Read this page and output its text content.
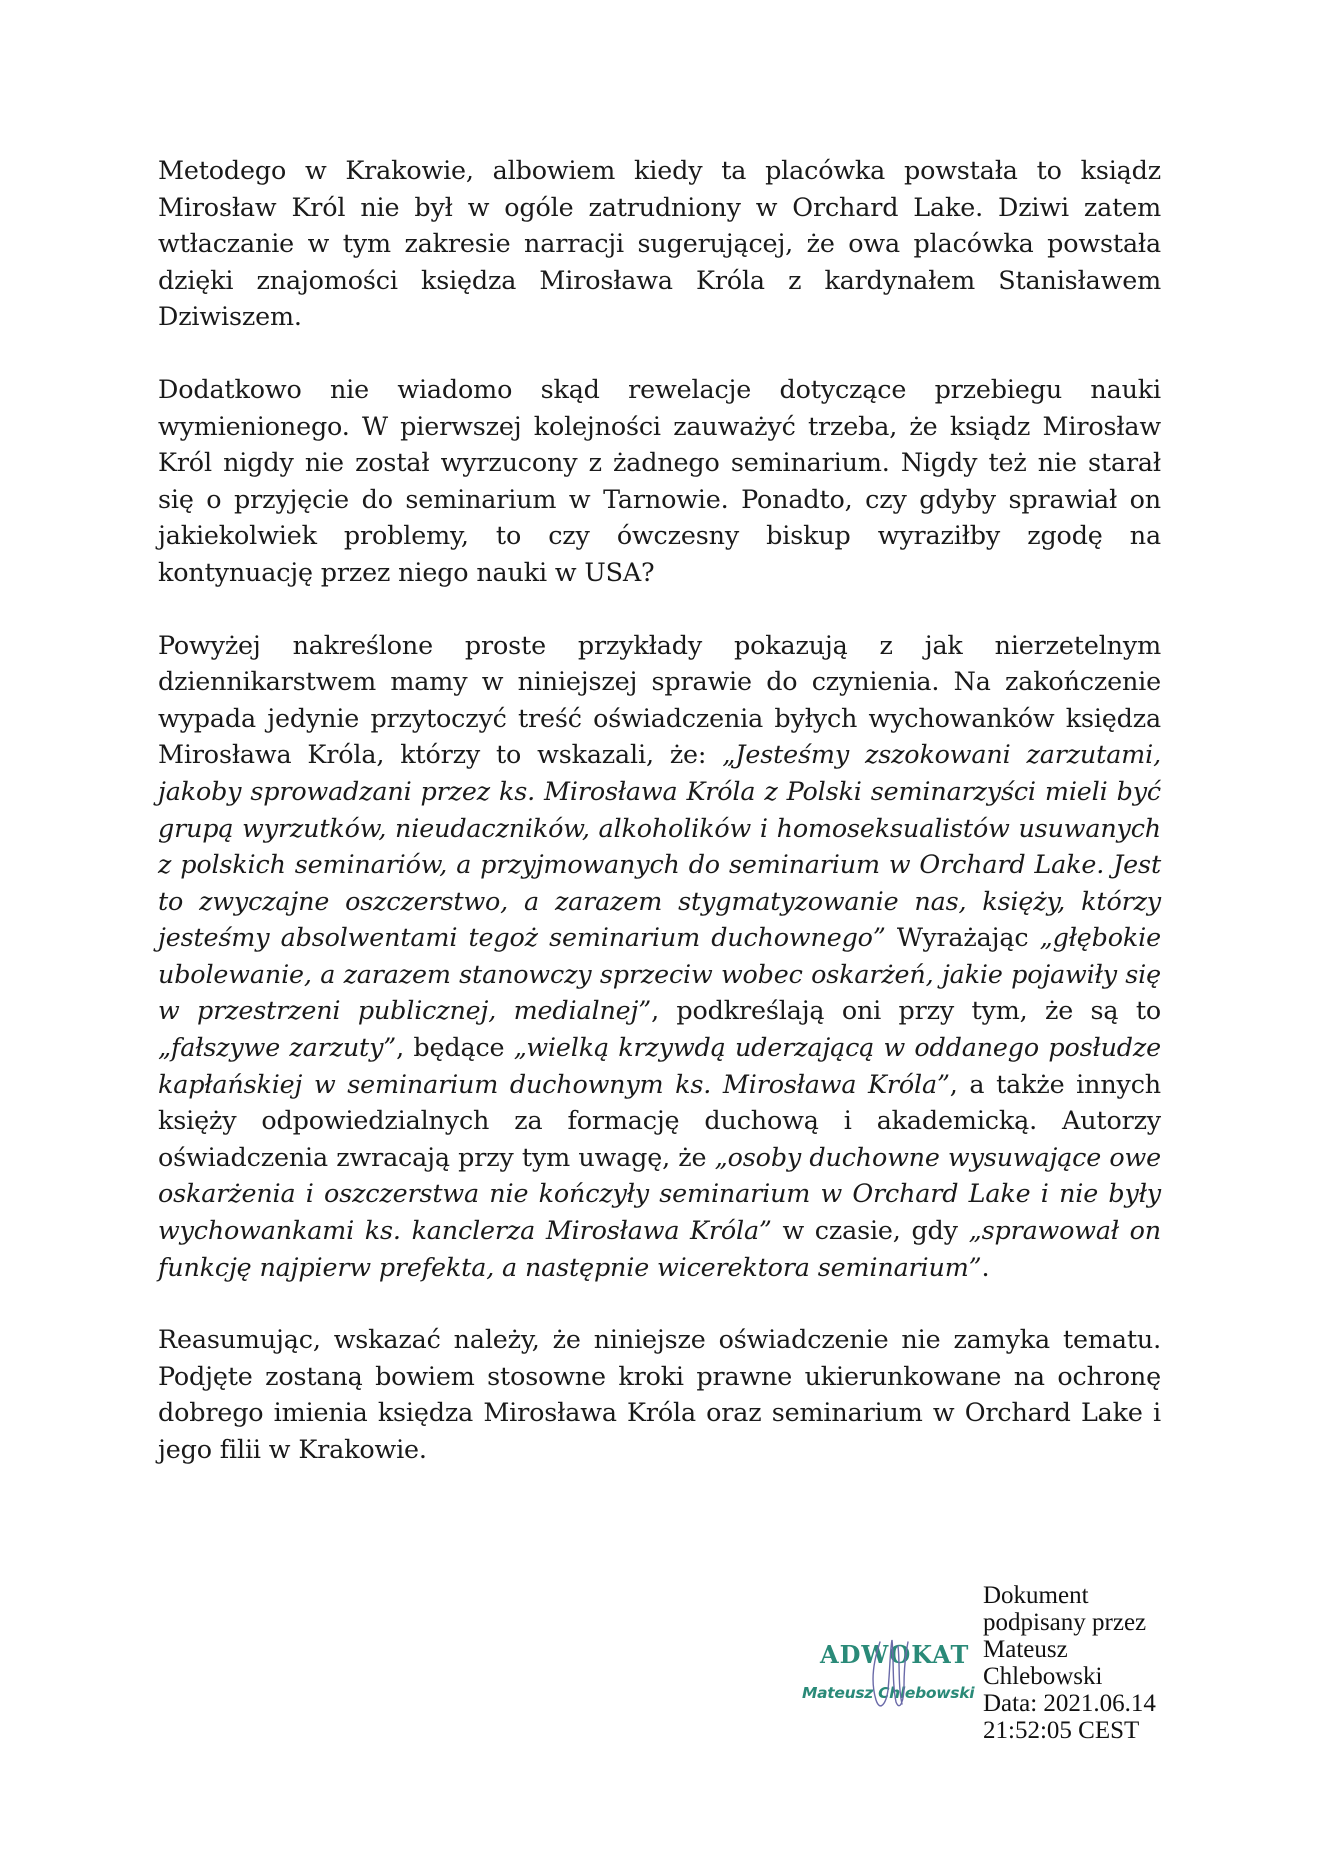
Metodego w Krakowie, albowiem kiedy ta placówka powstała to ksiądz Mirosław Król nie był w ogóle zatrudniony w Orchard Lake. Dziwi zatem wtłaczanie w tym zakresie narracji sugerującej, że owa placówka powstała dzięki znajomości księdza Mirosława Króla z kardynałem Stanisławem Dziwiszem.

Dodatkowo nie wiadomo skąd rewelacje dotyczące przebiegu nauki wymienionego. W pierwszej kolejności zauważyć trzeba, że ksiądz Mirosław Król nigdy nie został wyrzucony z żadnego seminarium. Nigdy też nie starał się o przyjęcie do seminarium w Tarnowie. Ponadto, czy gdyby sprawiał on jakiekolwiek problemy, to czy ówczesny biskup wyraziłby zgodę na kontynuację przez niego nauki w USA?

Powyżej nakreślone proste przykłady pokazują z jak nierzetelnym dziennikarstwem mamy w niniejszej sprawie do czynienia. Na zakończenie wypada jedynie przytoczyć treść oświadczenia byłych wychowanków księdza Mirosława Króla, którzy to wskazali, że: „Jesteśmy zszokowani zarzutami, jakoby sprowadzani przez ks. Mirosława Króla z Polski seminarzyści mieli być grupą wyrzutków, nieudaczników, alkoholików i homoseksualistów usuwanych z polskich seminariów, a przyjmowanych do seminarium w Orchard Lake. Jest to zwyczajne oszczerstwo, a zarazem stygmatyzowanie nas, księży, którzy jesteśmy absolwentami tegoż seminarium duchownego” Wyrażając „głębokie ubolewanie, a zarazem stanowczy sprzeciw wobec oskarżeń, jakie pojawiły się w przestrzeni publicznej, medialnej”, podkreślają oni przy tym, że są to „fałszywe zarzuty”, będące „wielką krzywdą uderzającą w oddanego posłudze kapłańskiej w seminarium duchownym ks. Mirosława Króla”, a także innych księży odpowiedzialnych za formację duchową i akademicką. Autorzy oświadczenia zwracają przy tym uwagę, że „osoby duchowne wysuwające owe oskarżenia i oszczerstwa nie kończyły seminarium w Orchard Lake i nie były wychowankami ks. kanclerza Mirosława Króla” w czasie, gdy „sprawował on funkcję najpierw prefekta, a następnie wicerektora seminarium”.

Reasumując, wskazać należy, że niniejsze oświadczenie nie zamyka tematu. Podjęte zostaną bowiem stosowne kroki prawne ukierunkowane na ochronę dobrego imienia księdza Mirosława Króla oraz seminarium w Orchard Lake i jego filii w Krakowie.

ADWOKAT
Mateusz Chlebowski
Dokument
podpisany przez
Mateusz
Chlebowski
Data: 2021.06.14
21:52:05 CEST
